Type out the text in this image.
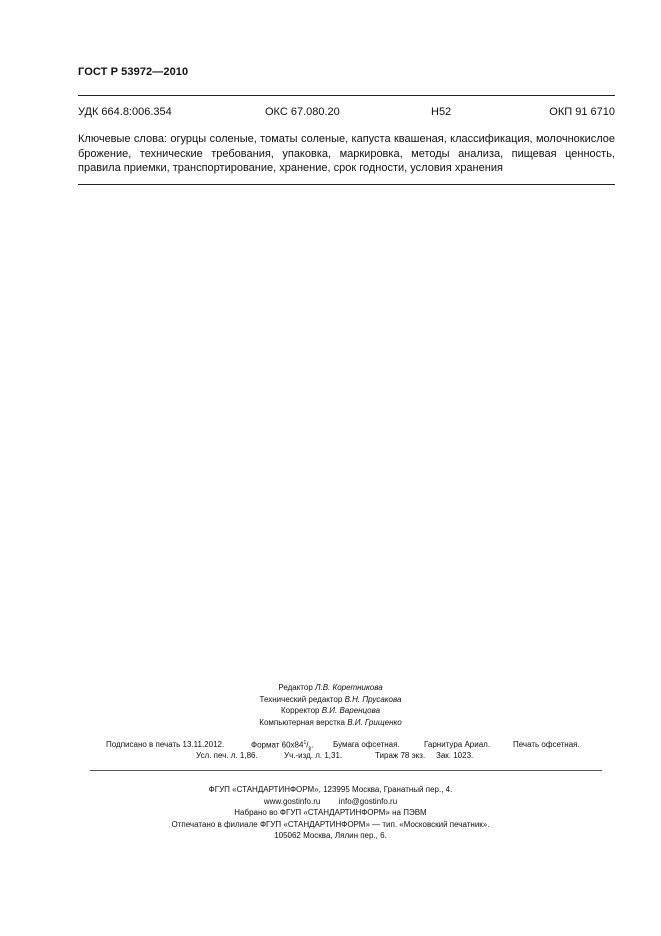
ГОСТ Р 53972—2010
УДК 664.8:006.354	ОКС 67.080.20	Н52	ОКП 91 6710
Ключевые слова: огурцы соленые, томаты соленые, капуста квашеная, классификация, молочнокислое брожение, технические требования, упаковка, маркировка, методы анализа, пищевая ценность, правила приемки, транспортирование, хранение, срок годности, условия хранения
Редактор Л.В. Коретникова
Технический редактор В.Н. Прусакова
Корректор В.И. Варенцова
Компьютерная верстка В.И. Грищенко
Подписано в печать 13.11.2012.	Формат $60х84^1/_8$. Бумага офсетная.	Гарнитура Ариал.	Печать офсетная.
Усл. печ. л. 1,86.	Уч.-изд. л. 1,31.	Тираж 78 экз. Зак. 1023.
ФГУП «СТАНДАРТИНФОРМ», 123995 Москва, Гранатный пер., 4.
www.gostinfo.ru info@gostinfo.ru
Набрано во ФГУП «СТАНДАРТИНФОРМ» на ПЭВМ
Отпечатано в филиале ФГУП «СТАНДАРТИНФОРМ» — тип. «Московский печатник».
105062 Москва, Лялин пер., 6.
